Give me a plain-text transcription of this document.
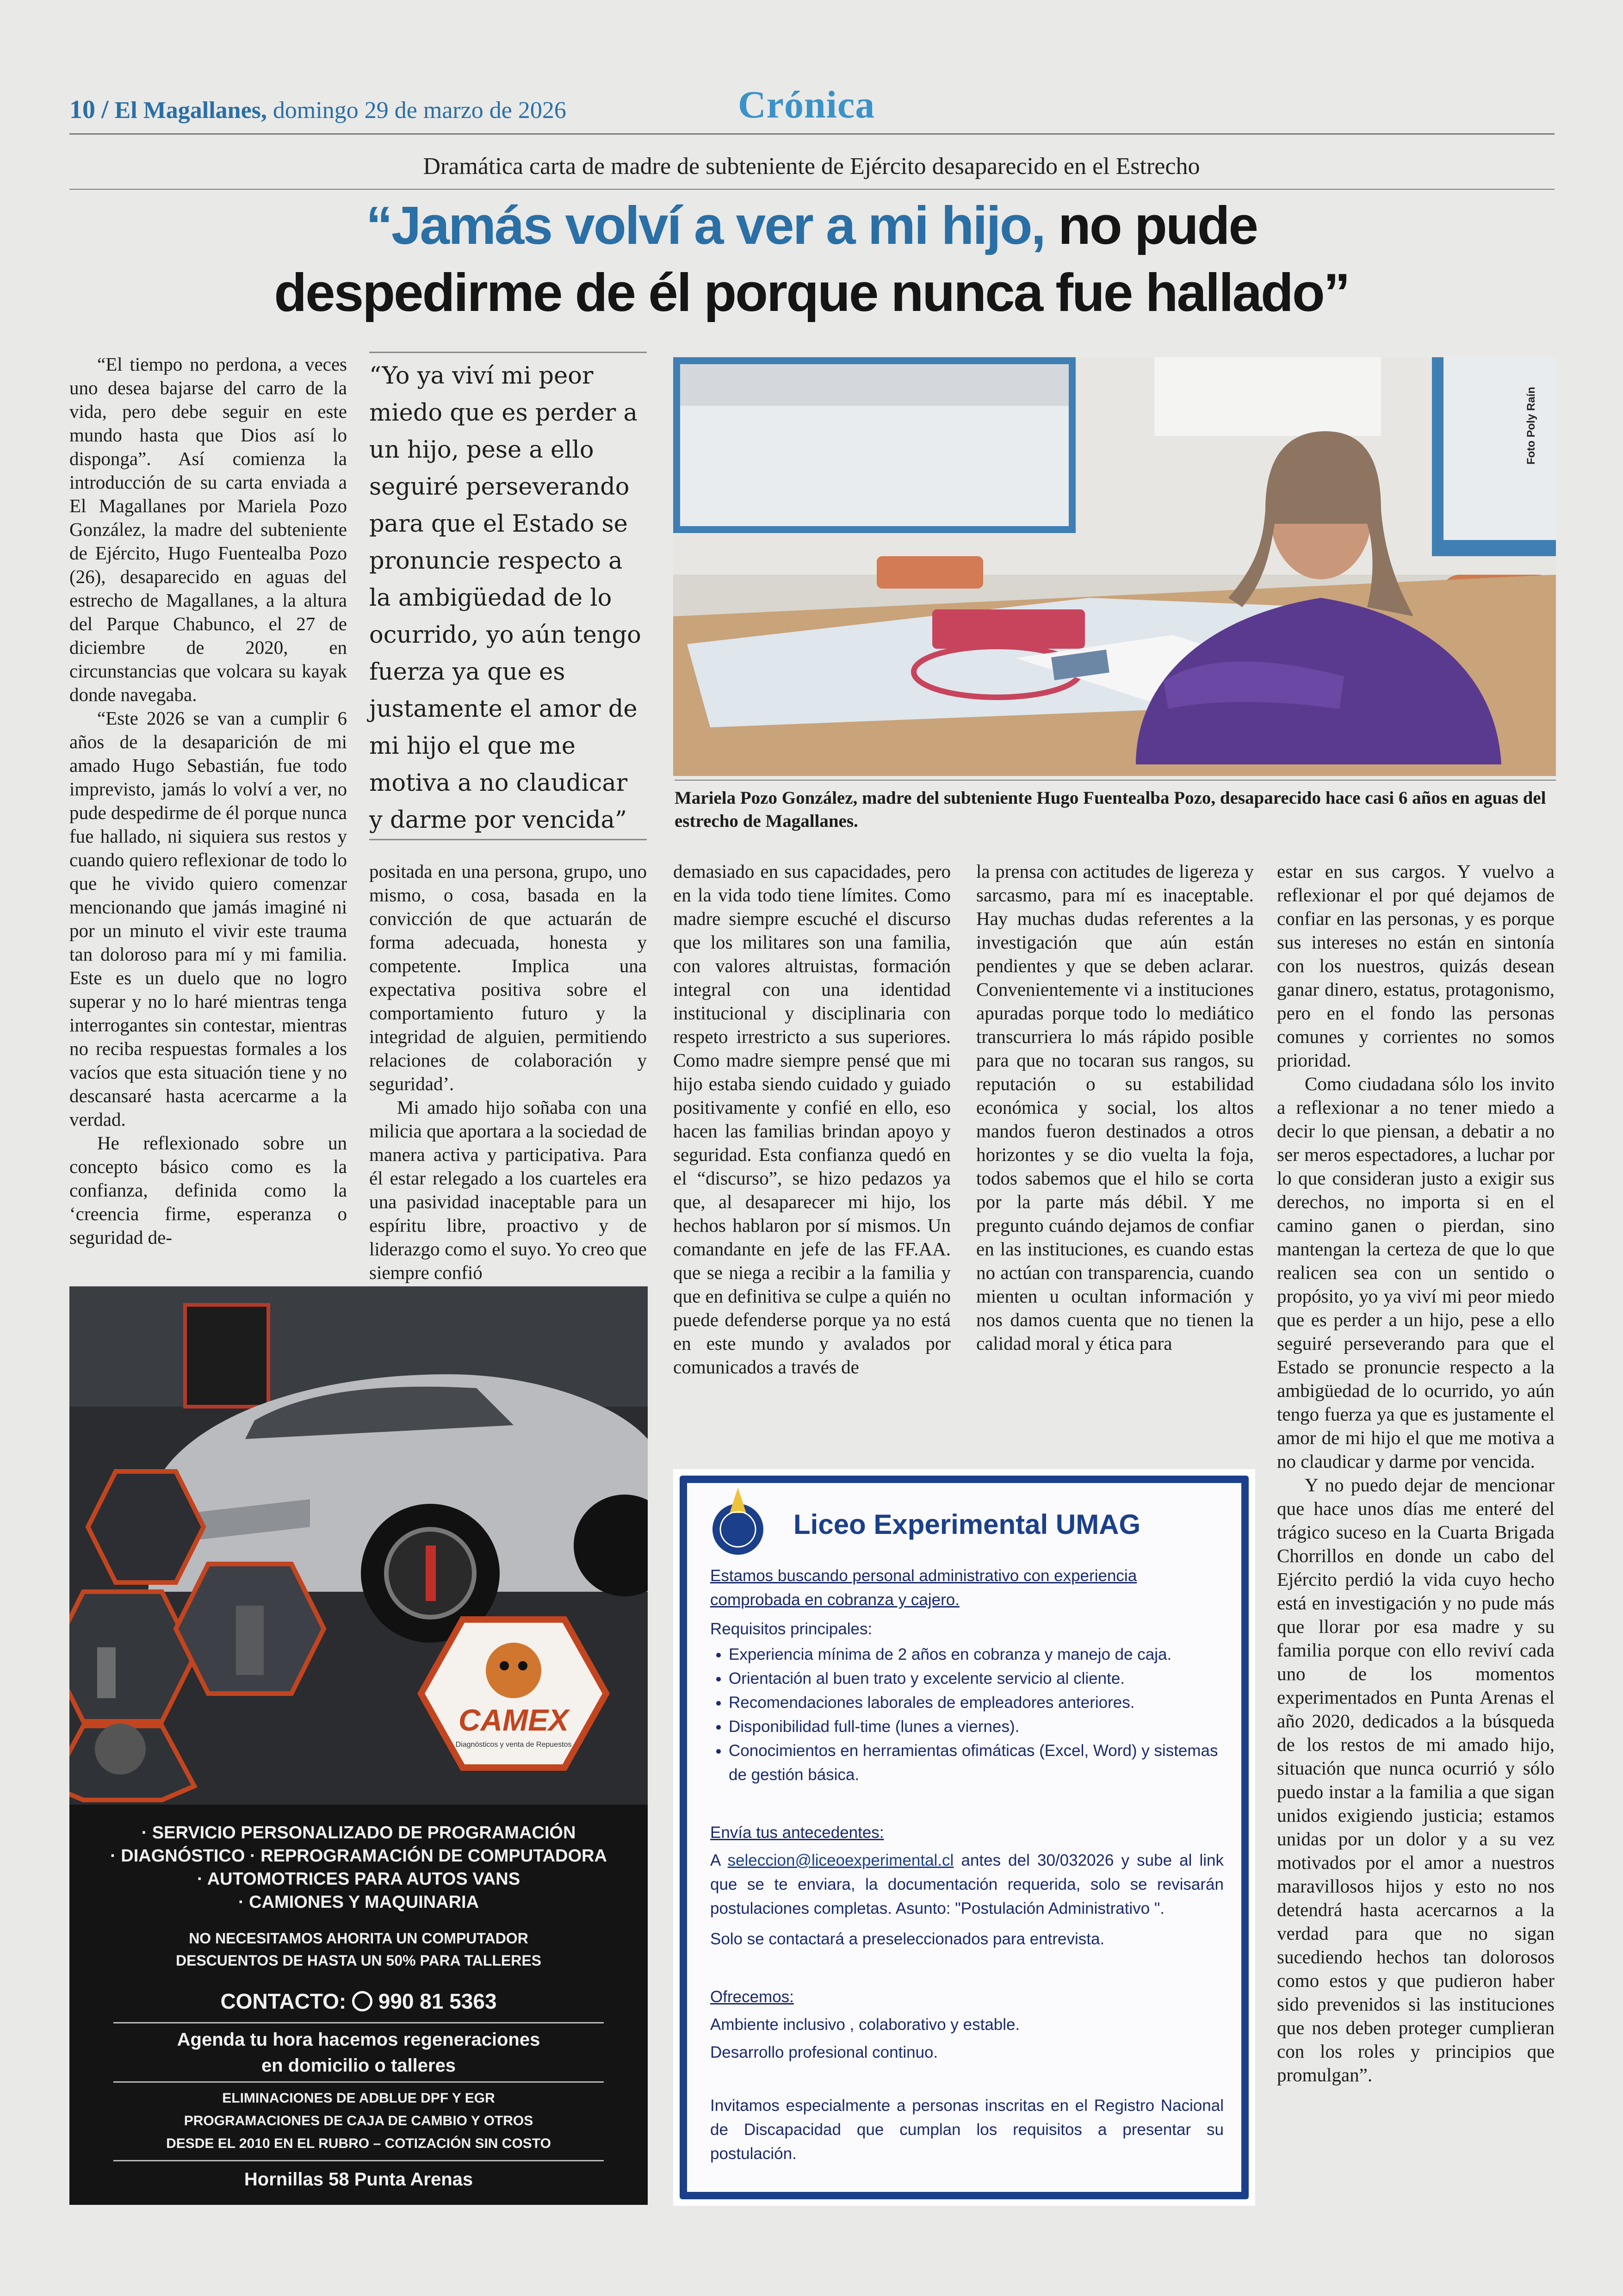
10 / El Magallanes, domingo 29 de marzo de 2026	Crónica
Dramática carta de madre de subteniente de Ejército desaparecido en el Estrecho
“Jamás volví a ver a mi hijo, no pude
despedirme de él porque nunca fue hallado”

“El tiempo no perdona, a veces uno desea bajarse del carro de la vida, pero debe seguir en este mundo hasta que Dios así lo disponga”. Así comienza la introducción de su carta enviada a El Magallanes por Mariela Pozo González, la madre del subteniente de Ejército, Hugo Fuentealba Pozo (26), desaparecido en aguas del estrecho de Magallanes, a la altura del Parque Chabunco, el 27 de diciembre de 2020, en circunstancias que volcara su kayak donde navegaba.

“Este 2026 se van a cumplir 6 años de la desaparición de mi amado Hugo Sebastián, fue todo imprevisto, jamás lo volví a ver, no pude despedirme de él porque nunca fue hallado, ni siquiera sus restos y cuando quiero reflexionar de todo lo que he vivido quiero comenzar mencionando que jamás imaginé ni por un minuto el vivir este trauma tan doloroso para mí y mi familia. Este es un duelo que no logro superar y no lo haré mientras tenga interrogantes sin contestar, mientras no reciba respuestas formales a los vacíos que esta situación tiene y no descansaré hasta acercarme a la verdad.

He reflexionado sobre un concepto básico como es la confianza, definida como la ‘creencia firme, esperanza o seguridad de-

“Yo ya viví mi peor miedo que es perder a un hijo, pese a ello seguiré perseverando para que el Estado se pronuncie respecto a la ambigüedad de lo ocurrido, yo aún tengo fuerza ya que es justamente el amor de mi hijo el que me motiva a no claudicar y darme por vencida”
Foto Poly Raín
Mariela Pozo González, madre del subteniente Hugo Fuentealba Pozo, desaparecido hace casi 6 años en aguas del estrecho de Magallanes.

positada en una persona, grupo, uno mismo, o cosa, basada en la convicción de que actuarán de forma adecuada, honesta y competente. Implica una expectativa positiva sobre el comportamiento futuro y la integridad de alguien, permitiendo relaciones de colaboración y seguridad’.

Mi amado hijo soñaba con una milicia que aportara a la sociedad de manera activa y participativa. Para él estar relegado a los cuarteles era una pasividad inaceptable para un espíritu libre, proactivo y de liderazgo como el suyo. Yo creo que siempre confió

demasiado en sus capacidades, pero en la vida todo tiene límites. Como madre siempre escuché el discurso que los militares son una familia, con valores altruistas, formación integral con una identidad institucional y disciplinaria con respeto irrestricto a sus superiores. Como madre siempre pensé que mi hijo estaba siendo cuidado y guiado positivamente y confié en ello, eso hacen las familias brindan apoyo y seguridad. Esta confianza quedó en el “discurso”, se hizo pedazos ya que, al desaparecer mi hijo, los hechos hablaron por sí mismos. Un comandante en jefe de las FF.AA. que se niega a recibir a la familia y que en definitiva se culpe a quién no puede defenderse porque ya no está en este mundo y avalados por comunicados a través de

la prensa con actitudes de ligereza y sarcasmo, para mí es inaceptable. Hay muchas dudas referentes a la investigación que aún están pendientes y que se deben aclarar. Convenientemente vi a instituciones apuradas porque todo lo mediático transcurriera lo más rápido posible para que no tocaran sus rangos, su reputación o su estabilidad económica y social, los altos mandos fueron destinados a otros horizontes y se dio vuelta la foja, todos sabemos que el hilo se corta por la parte más débil. Y me pregunto cuándo dejamos de confiar en las instituciones, es cuando estas no actúan con transparencia, cuando mienten u ocultan información y nos damos cuenta que no tienen la calidad moral y ética para

estar en sus cargos. Y vuelvo a reflexionar el por qué dejamos de confiar en las personas, y es porque sus intereses no están en sintonía con los nuestros, quizás desean ganar dinero, estatus, protagonismo, pero en el fondo las personas comunes y corrientes no somos prioridad.

Como ciudadana sólo los invito a reflexionar a no tener miedo a decir lo que piensan, a debatir a no ser meros espectadores, a luchar por lo que consideran justo a exigir sus derechos, no importa si en el camino ganen o pierdan, sino mantengan la certeza de que lo que realicen sea con un sentido o propósito, yo ya viví mi peor miedo que es perder a un hijo, pese a ello seguiré perseverando para que el Estado se pronuncie respecto a la ambigüedad de lo ocurrido, yo aún tengo fuerza ya que es justamente el amor de mi hijo el que me motiva a no claudicar y darme por vencida.

Y no puedo dejar de mencionar que hace unos días me enteré del trágico suceso en la Cuarta Brigada Chorrillos en donde un cabo del Ejército perdió la vida cuyo hecho está en investigación y no pude más que llorar por esa madre y su familia porque con ello reviví cada uno de los momentos experimentados en Punta Arenas el año 2020, dedicados a la búsqueda de los restos de mi amado hijo, situación que nunca ocurrió y sólo puedo instar a la familia a que sigan unidos exigiendo justicia; estamos unidas por un dolor y a su vez motivados por el amor a nuestros maravillosos hijos y esto no nos detendrá hasta acercarnos a la verdad para que no sigan sucediendo hechos tan dolorosos como estos y que pudieron haber sido prevenidos si las instituciones que nos deben proteger cumplieran con los roles y principios que promulgan”.

CAMEX
Diagnósticos y venta de Repuestos
· SERVICIO PERSONALIZADO DE PROGRAMACIÓN
· DIAGNÓSTICO · REPROGRAMACIÓN DE COMPUTADORA
· AUTOMOTRICES PARA AUTOS VANS
· CAMIONES Y MAQUINARIA
NO NECESITAMOS AHORITA UN COMPUTADOR
DESCUENTOS DE HASTA UN 50% PARA TALLERES
CONTACTO: 990 81 5363
Agenda tu hora hacemos regeneraciones
en domicilio o talleres
ELIMINACIONES DE ADBLUE DPF Y EGR
PROGRAMACIONES DE CAJA DE CAMBIO Y OTROS
DESDE EL 2010 EN EL RUBRO – COTIZACIÓN SIN COSTO
Hornillas 58 Punta Arenas
Liceo Experimental UMAG
Estamos buscando personal administrativo con experiencia
comprobada en cobranza y cajero.
Requisitos principales:
• Experiencia mínima de 2 años en cobranza y manejo de caja.
• Orientación al buen trato y excelente servicio al cliente.
• Recomendaciones laborales de empleadores anteriores.
• Disponibilidad full-time (lunes a viernes).
• Conocimientos en herramientas ofimáticas (Excel, Word) y sistemas de gestión básica.
Envía tus antecedentes:
A seleccion@liceoexperimental.cl antes del 30/032026 y sube al link que se te enviara, la documentación requerida, solo se revisarán postulaciones completas. Asunto: "Postulación Administrativo ".
Solo se contactará a preseleccionados para entrevista.
Ofrecemos:
Ambiente inclusivo , colaborativo y estable.
Desarrollo profesional continuo.
Invitamos especialmente a personas inscritas en el Registro Nacional de Discapacidad que cumplan los requisitos a presentar su postulación.
